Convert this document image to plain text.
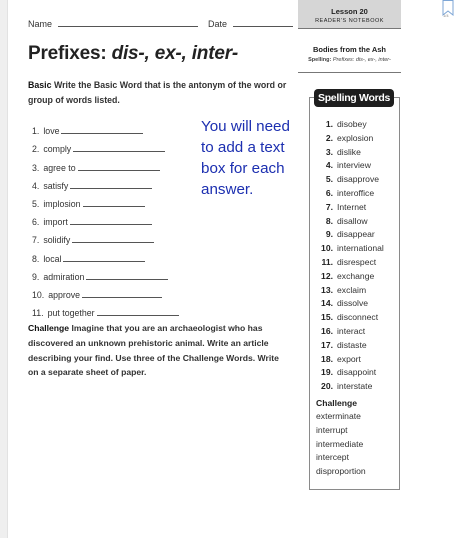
1/4
Name	Date
Lesson 20
READER'S NOTEBOOK
Prefixes: dis-, ex-, inter-	Bodies from the Ash
Spelling: Prefixes: dis-, ex-, inter-
Basic Write the Basic Word that is the antonym of the word or group of words listed.
1. love
2. comply
3. agree to
4. satisfy
5. implosion
6. import
7. solidify
8. local
9. admiration
10. approve
11. put together
You will need to add a text box for each answer.
Challenge Imagine that you are an archaeologist who has discovered an unknown prehistoric animal. Write an article describing your find. Use three of the Challenge Words. Write on a separate sheet of paper.
Spelling Words
1. disobey
2. explosion
3. dislike
4. interview
5. disapprove
6. interoffice
7. Internet
8. disallow
9. disappear
10. international
11. disrespect
12. exchange
13. exclaim
14. dissolve
15. disconnect
16. interact
17. distaste
18. export
19. disappoint
20. interstate
Challenge
exterminate
interrupt
intermediate
intercept
disproportion
